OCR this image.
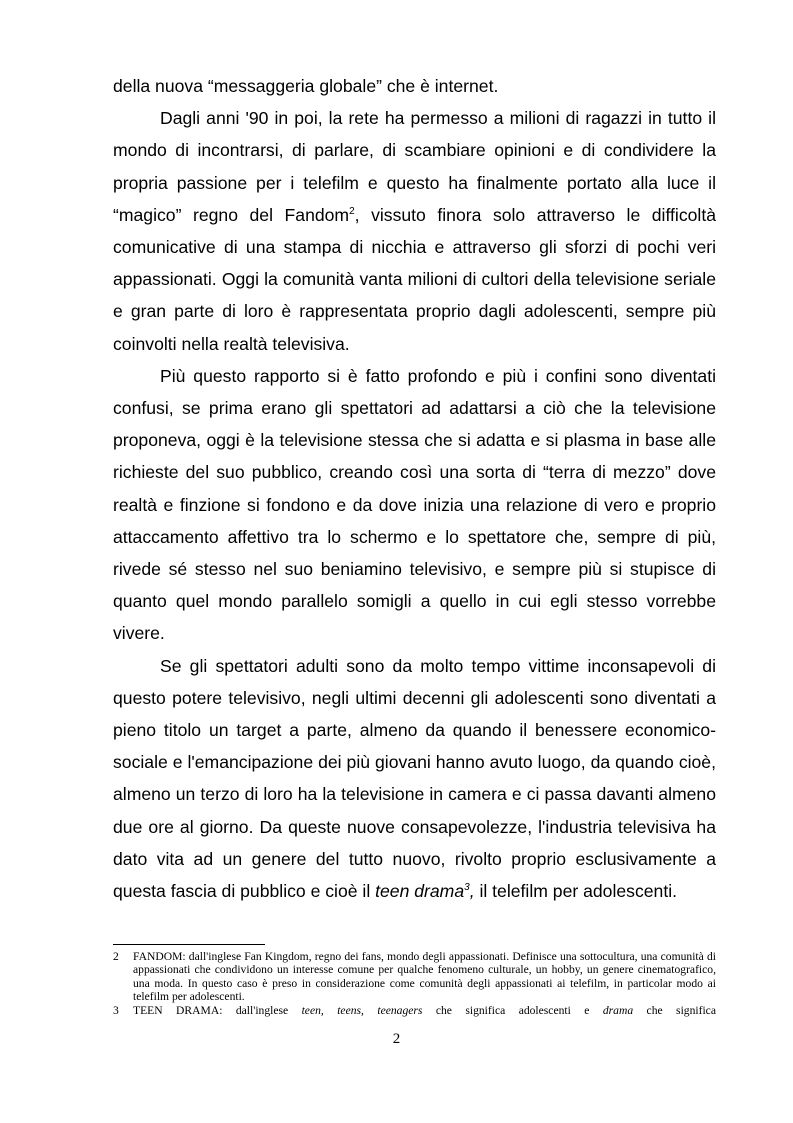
della nuova “messaggeria globale” che è internet.

Dagli anni '90 in poi, la rete ha permesso a milioni di ragazzi in tutto il mondo di incontrarsi, di parlare, di scambiare opinioni e di condividere la propria passione per i telefilm e questo ha finalmente portato alla luce il “magico” regno del Fandom$^2$, vissuto finora solo attraverso le difficoltà comunicative di una stampa di nicchia e attraverso gli sforzi di pochi veri appassionati. Oggi la comunità vanta milioni di cultori della televisione seriale e gran parte di loro è rappresentata proprio dagli adolescenti, sempre più coinvolti nella realtà televisiva.

Più questo rapporto si è fatto profondo e più i confini sono diventati confusi, se prima erano gli spettatori ad adattarsi a ciò che la televisione proponeva, oggi è la televisione stessa che si adatta e si plasma in base alle richieste del suo pubblico, creando così una sorta di “terra di mezzo” dove realtà e finzione si fondono e da dove inizia una relazione di vero e proprio attaccamento affettivo tra lo schermo e lo spettatore che, sempre di più, rivede sé stesso nel suo beniamino televisivo, e sempre più si stupisce di quanto quel mondo parallelo somigli a quello in cui egli stesso vorrebbe vivere.

Se gli spettatori adulti sono da molto tempo vittime inconsapevoli di questo potere televisivo, negli ultimi decenni gli adolescenti sono diventati a pieno titolo un target a parte, almeno da quando il benessere economico-sociale e l'emancipazione dei più giovani hanno avuto luogo, da quando cioè, almeno un terzo di loro ha la televisione in camera e ci passa davanti almeno due ore al giorno. Da queste nuove consapevolezze, l'industria televisiva ha dato vita ad un genere del tutto nuovo, rivolto proprio esclusivamente a questa fascia di pubblico e cioè il teen drama$^3$, il telefilm per adolescenti.

2 FANDOM: dall'inglese Fan Kingdom, regno dei fans, mondo degli appassionati. Definisce una sottocultura, una comunità di appassionati che condividono un interesse comune per qualche fenomeno culturale, un hobby, un genere cinematografico, una moda. In questo caso è preso in considerazione come comunità degli appassionati ai telefilm, in particolar modo ai telefilm per adolescenti.

3 TEEN DRAMA: dall'inglese teen, teens, teenagers che significa adolescenti e drama che significa

2
